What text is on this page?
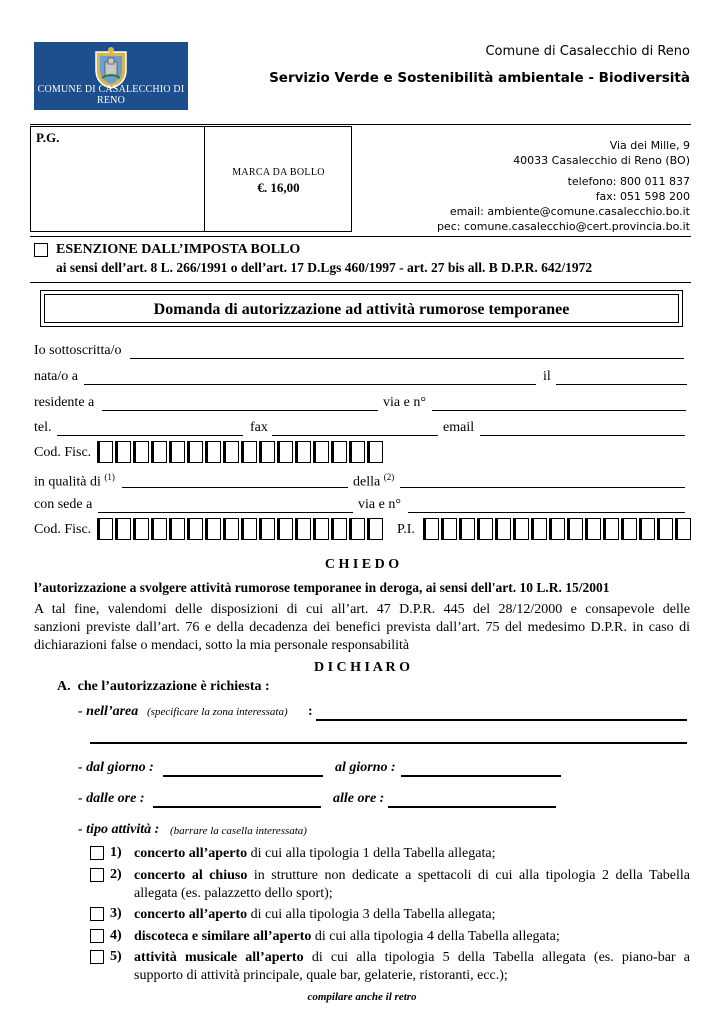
COMUNE DI CASALECCHIO DI RENO
Comune di Casalecchio di Reno
Servizio Verde e Sostenibilità ambientale - Biodiversità
P.G.
MARCA DA BOLLO
€. 16,00
Via dei Mille, 9
40033 Casalecchio di Reno (BO)
telefono: 800 011 837
fax: 051 598 200
email: ambiente@comune.casalecchio.bo.it
pec: comune.casalecchio@cert.provincia.bo.it
ESENZIONE DALL’IMPOSTA BOLLO
ai sensi dell’art. 8 L. 266/1991 o dell’art. 17 D.Lgs 460/1997 - art. 27 bis all. B D.P.R. 642/1972
Domanda di autorizzazione ad attività rumorose temporanee
Io sottoscritta/o
nata/o a	il
residente a	via e n°
tel.	fax	email
Cod. Fisc.
in qualità di $^{(1)}$	della $^{(2)}$
con sede a	via e n°
Cod. Fisc.	P.I.
C H I E D O
l’autorizzazione a svolgere attività rumorose temporanee in deroga, ai sensi dell'art. 10 L.R. 15/2001
A tal fine, valendomi delle disposizioni di cui all’art. 47 D.P.R. 445 del 28/12/2000 e consapevole delle
sanzioni previste dall’art. 76 e della decadenza dei benefici prevista dall’art. 75 del medesimo D.P.R. in caso di
dichiarazioni false o mendaci, sotto la mia personale responsabilità
D I C H I A R O
A.  che l’autorizzazione è richiesta :
- nell’area (specificare la zona interessata) :
- dal giorno :	al giorno :
- dalle ore :	alle ore :
- tipo attività : (barrare la casella interessata)
1) concerto all’aperto di cui alla tipologia 1 della Tabella allegata;
2) concerto al chiuso in strutture non dedicate a spettacoli di cui alla tipologia 2 della Tabella
allegata (es. palazzetto dello sport);
3) concerto all’aperto di cui alla tipologia 3 della Tabella allegata;
4) discoteca e similare all’aperto di cui alla tipologia 4 della Tabella allegata;
5) attività musicale all’aperto di cui alla tipologia 5 della Tabella allegata (es. piano-bar a
supporto di attività principale, quale bar, gelaterie, ristoranti, ecc.);
compilare anche il retro
